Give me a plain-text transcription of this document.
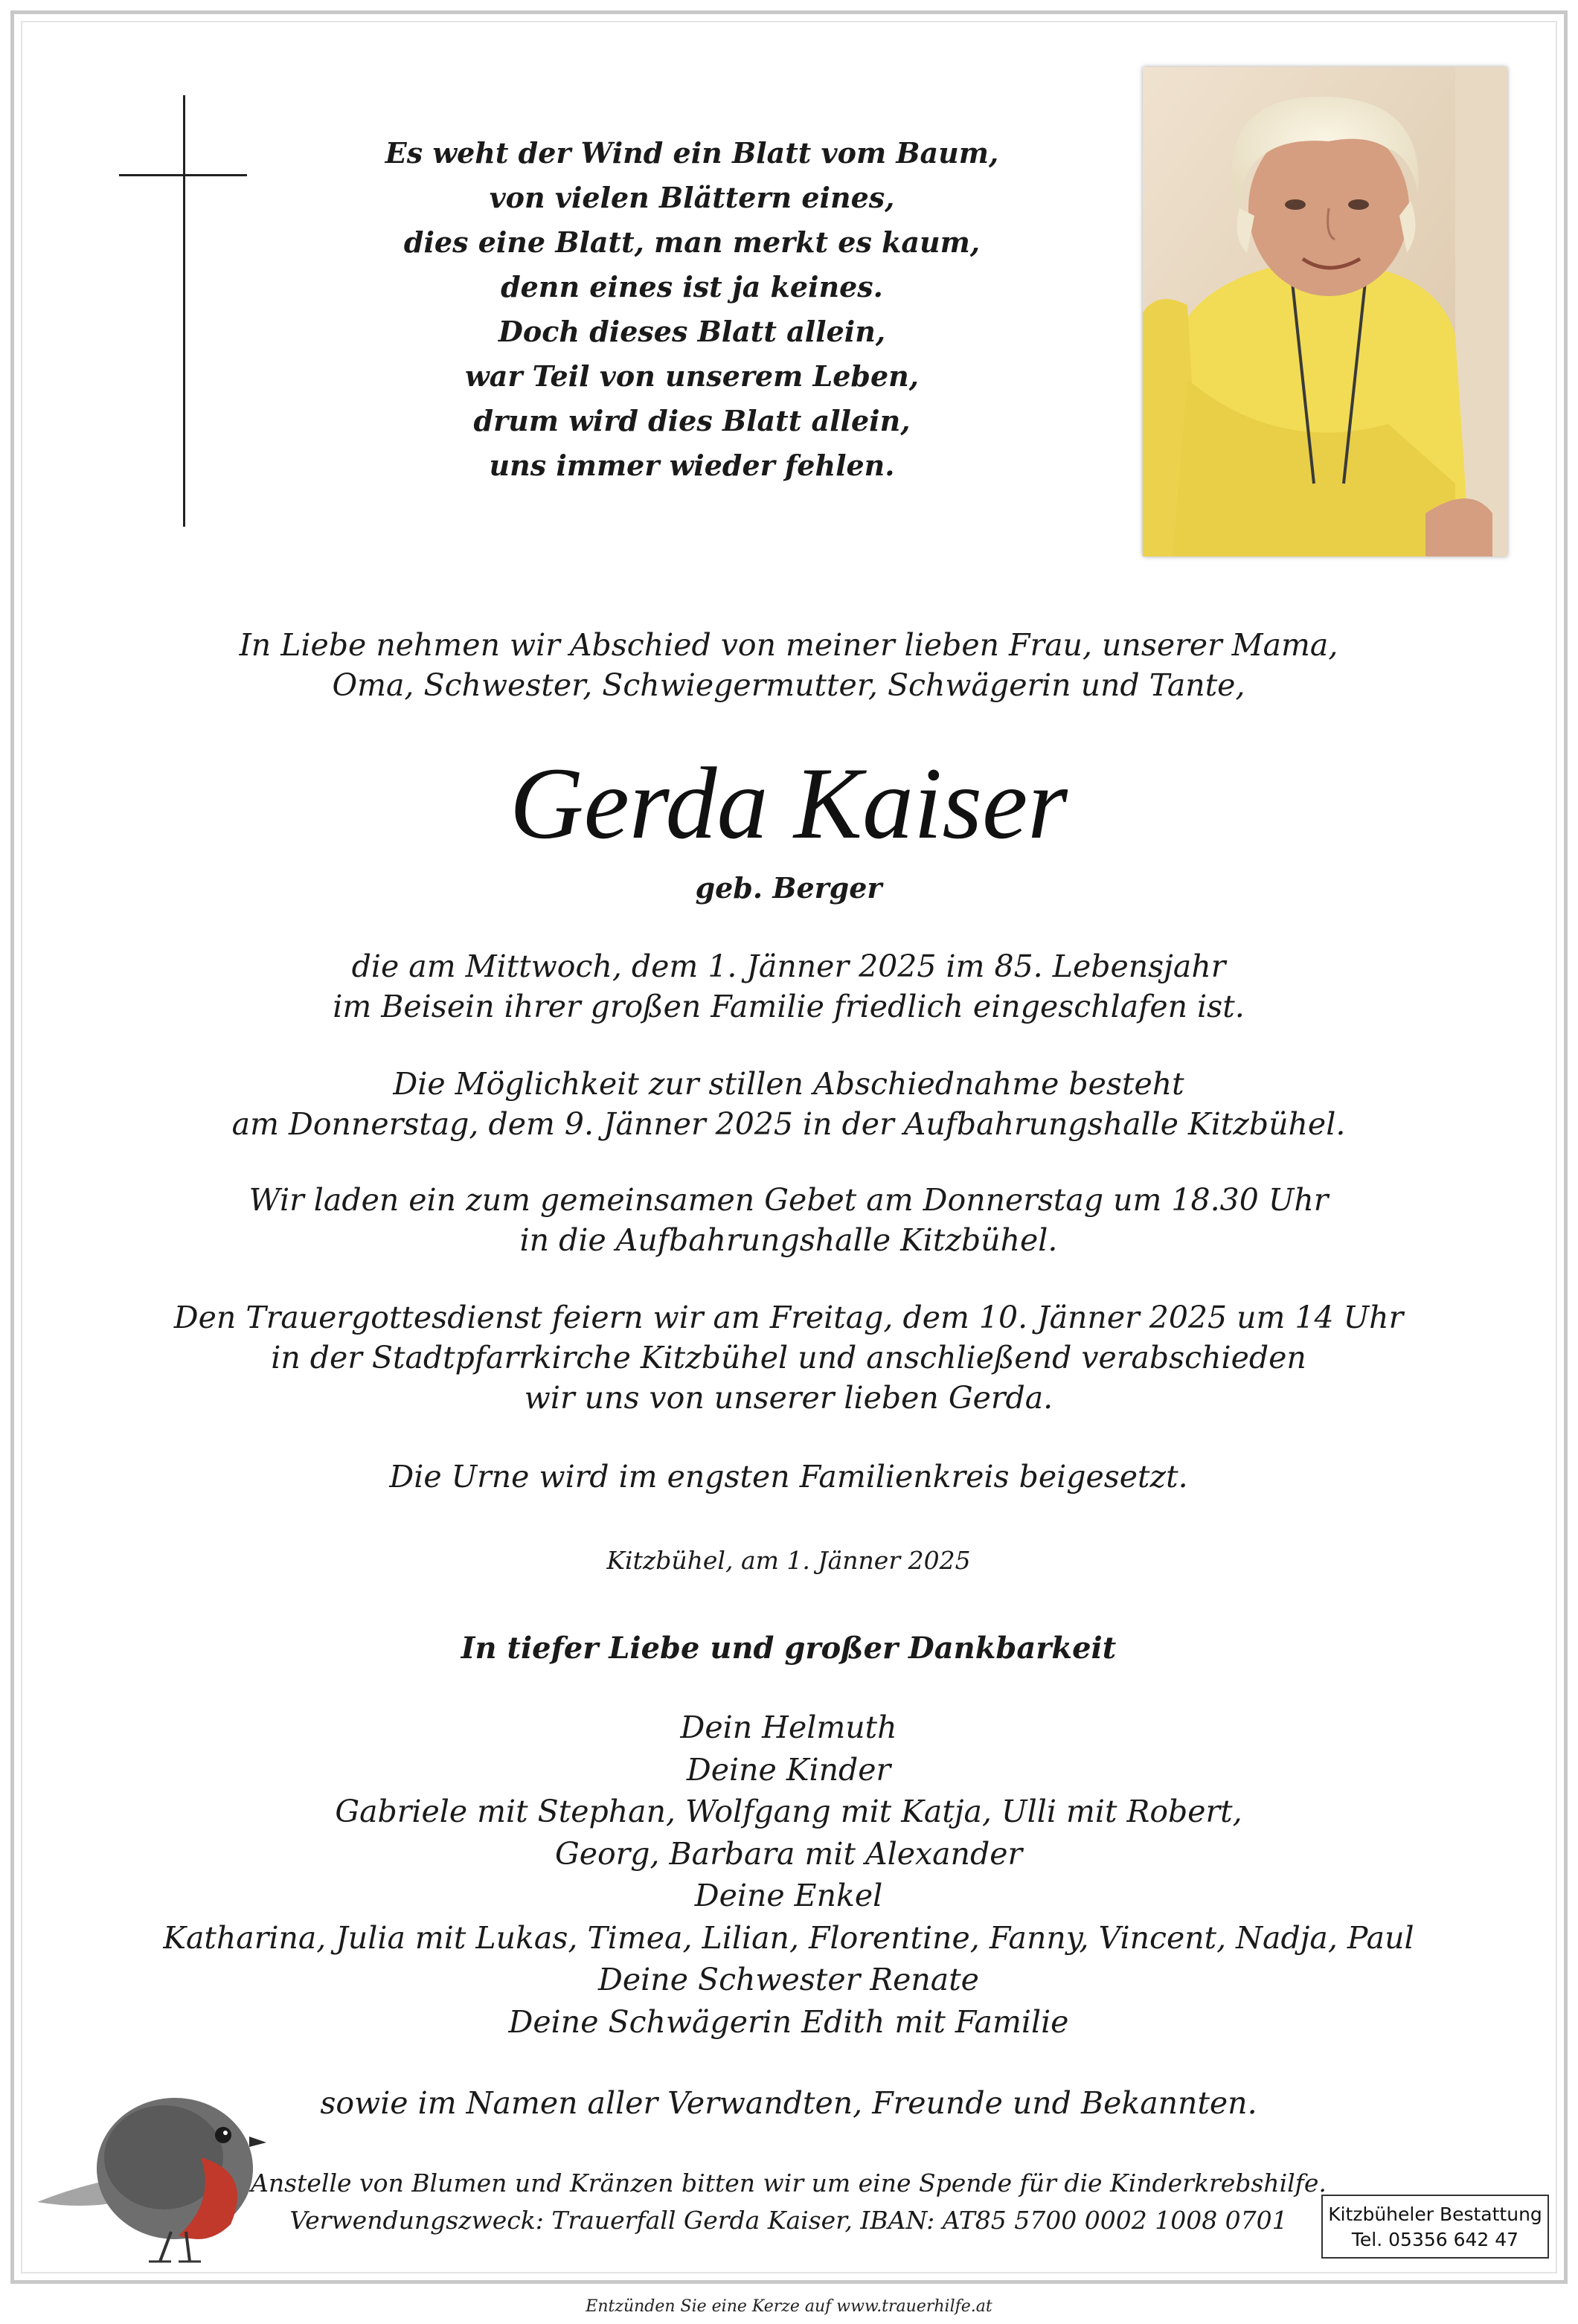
Es weht der Wind ein Blatt vom Baum,
von vielen Blättern eines,
dies eine Blatt, man merkt es kaum,
denn eines ist ja keines.
Doch dieses Blatt allein,
war Teil von unserem Leben,
drum wird dies Blatt allein,
uns immer wieder fehlen.
In Liebe nehmen wir Abschied von meiner lieben Frau, unserer Mama,
Oma, Schwester, Schwiegermutter, Schwägerin und Tante,
Gerda Kaiser
geb. Berger
die am Mittwoch, dem 1. Jänner 2025 im 85. Lebensjahr
im Beisein ihrer großen Familie friedlich eingeschlafen ist.
Die Möglichkeit zur stillen Abschiednahme besteht
am Donnerstag, dem 9. Jänner 2025 in der Aufbahrungshalle Kitzbühel.
Wir laden ein zum gemeinsamen Gebet am Donnerstag um 18.30 Uhr
in die Aufbahrungshalle Kitzbühel.
Den Trauergottesdienst feiern wir am Freitag, dem 10. Jänner 2025 um 14 Uhr
in der Stadtpfarrkirche Kitzbühel und anschließend verabschieden
wir uns von unserer lieben Gerda.
Die Urne wird im engsten Familienkreis beigesetzt.
Kitzbühel, am 1. Jänner 2025
In tiefer Liebe und großer Dankbarkeit
Dein Helmuth
Deine Kinder
Gabriele mit Stephan, Wolfgang mit Katja, Ulli mit Robert,
Georg, Barbara mit Alexander
Deine Enkel
Katharina, Julia mit Lukas, Timea, Lilian, Florentine, Fanny, Vincent, Nadja, Paul
Deine Schwester Renate
Deine Schwägerin Edith mit Familie
sowie im Namen aller Verwandten, Freunde und Bekannten.
Anstelle von Blumen und Kränzen bitten wir um eine Spende für die Kinderkrebshilfe.
Verwendungszweck: Trauerfall Gerda Kaiser, IBAN: AT85 5700 0002 1008 0701	Kitzbüheler Bestattung
Tel. 05356 642 47
Entzünden Sie eine Kerze auf www.trauerhilfe.at
